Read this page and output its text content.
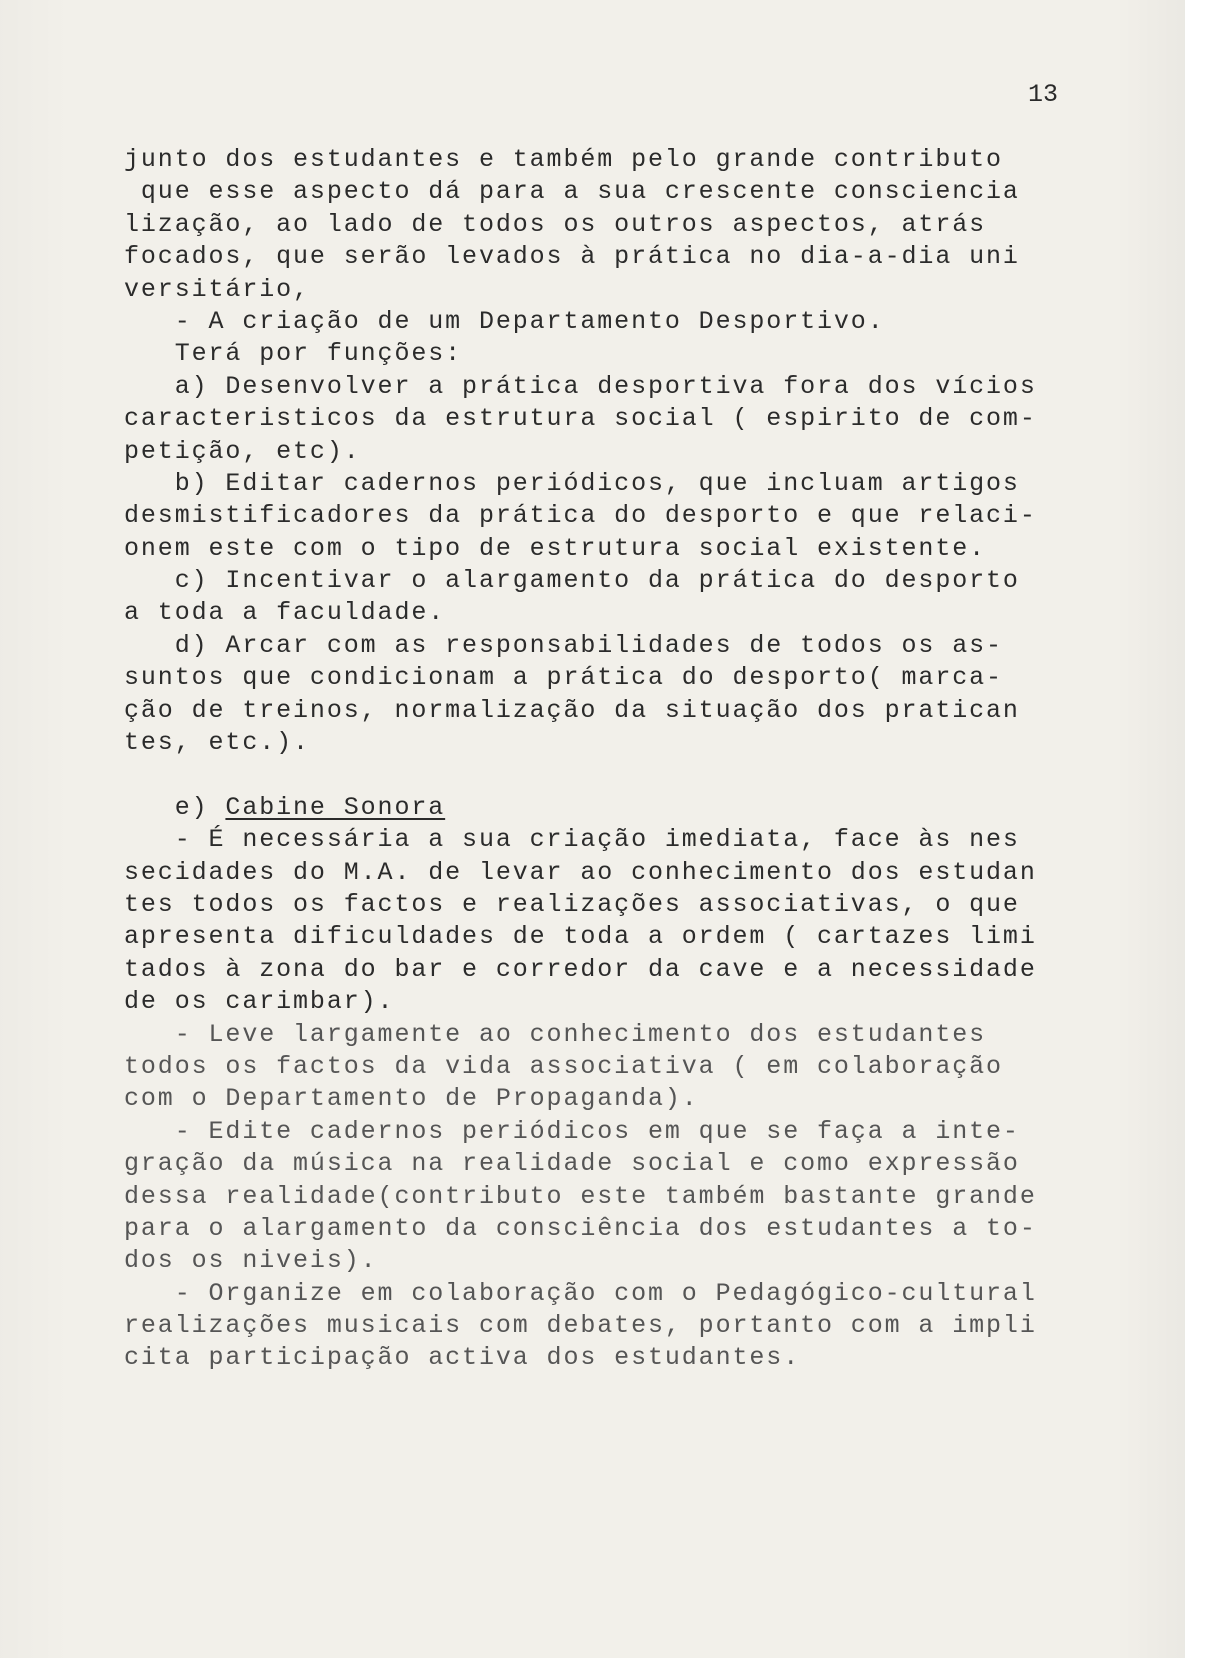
13
junto dos estudantes e também pelo grande contributo
que esse aspecto dá para a sua crescente consciencia
lização, ao lado de todos os outros aspectos, atrás
focados, que serão levados à prática no dia-a-dia uni
versitário,
- A criação de um Departamento Desportivo.
Terá por funções:
a) Desenvolver a prática desportiva fora dos vícios
caracteristicos da estrutura social ( espirito de com-
petição, etc).
b) Editar cadernos periódicos, que incluam artigos
desmistificadores da prática do desporto e que relaci-
onem este com o tipo de estrutura social existente.
c) Incentivar o alargamento da prática do desporto
a toda a faculdade.
d) Arcar com as responsabilidades de todos os as-
suntos que condicionam a prática do desporto( marca-
ção de treinos, normalização da situação dos pratican
tes, etc.).
e) Cabine Sonora
- É necessária a sua criação imediata, face às nes
secidades do M.A. de levar ao conhecimento dos estudan
tes todos os factos e realizações associativas, o que
apresenta dificuldades de toda a ordem ( cartazes limi
tados à zona do bar e corredor da cave e a necessidade
de os carimbar).
- Leve largamente ao conhecimento dos estudantes
todos os factos da vida associativa ( em colaboração
com o Departamento de Propaganda).
- Edite cadernos periódicos em que se faça a inte-
gração da música na realidade social e como expressão
dessa realidade(contributo este também bastante grande
para o alargamento da consciência dos estudantes a to-
dos os niveis).
- Organize em colaboração com o Pedagógico-cultural
realizações musicais com debates, portanto com a impli
cita participação activa dos estudantes.
